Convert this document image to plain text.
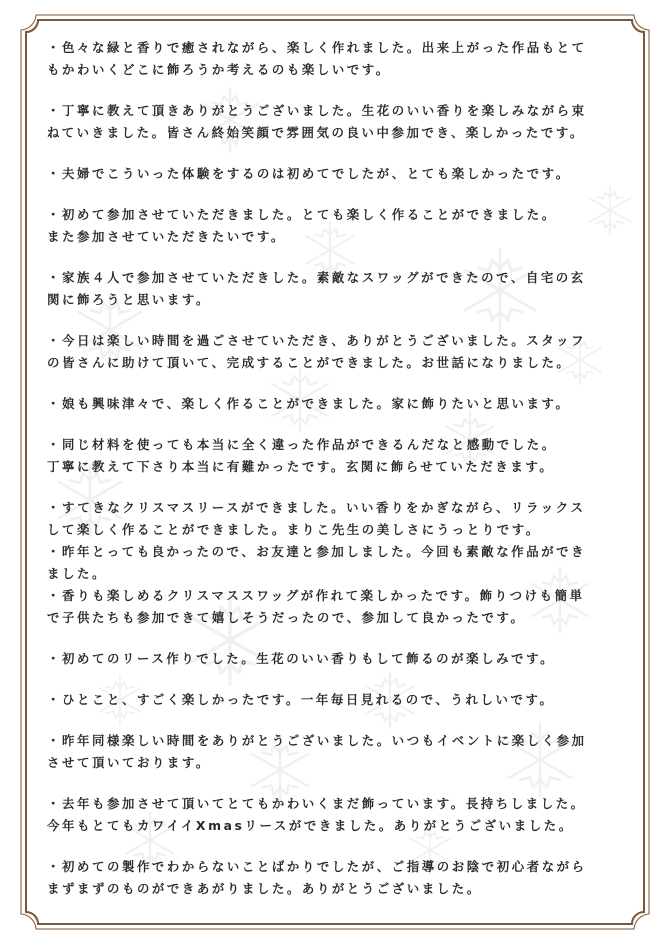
・色々な緑と香りで癒されながら、楽しく作れました。出来上がった作品もとて
もかわいくどこに飾ろうか考えるのも楽しいです。
・丁寧に教えて頂きありがとうございました。生花のいい香りを楽しみながら束
ねていきました。皆さん終始笑顔で雰囲気の良い中参加でき、楽しかったです。
・夫婦でこういった体験をするのは初めてでしたが、とても楽しかったです。
・初めて参加させていただきました。とても楽しく作ることができました。
また参加させていただきたいです。
・家族４人で参加させていただきした。素敵なスワッグができたので、自宅の玄
関に飾ろうと思います。
・今日は楽しい時間を過ごさせていただき、ありがとうございました。スタッフ
の皆さんに助けて頂いて、完成することができました。お世話になりました。
・娘も興味津々で、楽しく作ることができました。家に飾りたいと思います。
・同じ材料を使っても本当に全く違った作品ができるんだなと感動でした。
丁寧に教えて下さり本当に有難かったです。玄関に飾らせていただきます。
・すてきなクリスマスリースができました。いい香りをかぎながら、リラックス
して楽しく作ることができました。まりこ先生の美しさにうっとりです。
・昨年とっても良かったので、お友達と参加しました。今回も素敵な作品ができ
ました。
・香りも楽しめるクリスマススワッグが作れて楽しかったです。飾りつけも簡単
で子供たちも参加できて嬉しそうだったので、参加して良かったです。
・初めてのリース作りでした。生花のいい香りもして飾るのが楽しみです。
・ひとこと、すごく楽しかったです。一年毎日見れるので、うれしいです。
・昨年同様楽しい時間をありがとうございました。いつもイベントに楽しく参加
させて頂いております。
・去年も参加させて頂いてとてもかわいくまだ飾っています。長持ちしました。
今年もとてもカワイイXmasリースができました。ありがとうございました。
・初めての製作でわからないことばかりでしたが、ご指導のお陰で初心者ながら
まずまずのものができあがりました。ありがとうございました。
